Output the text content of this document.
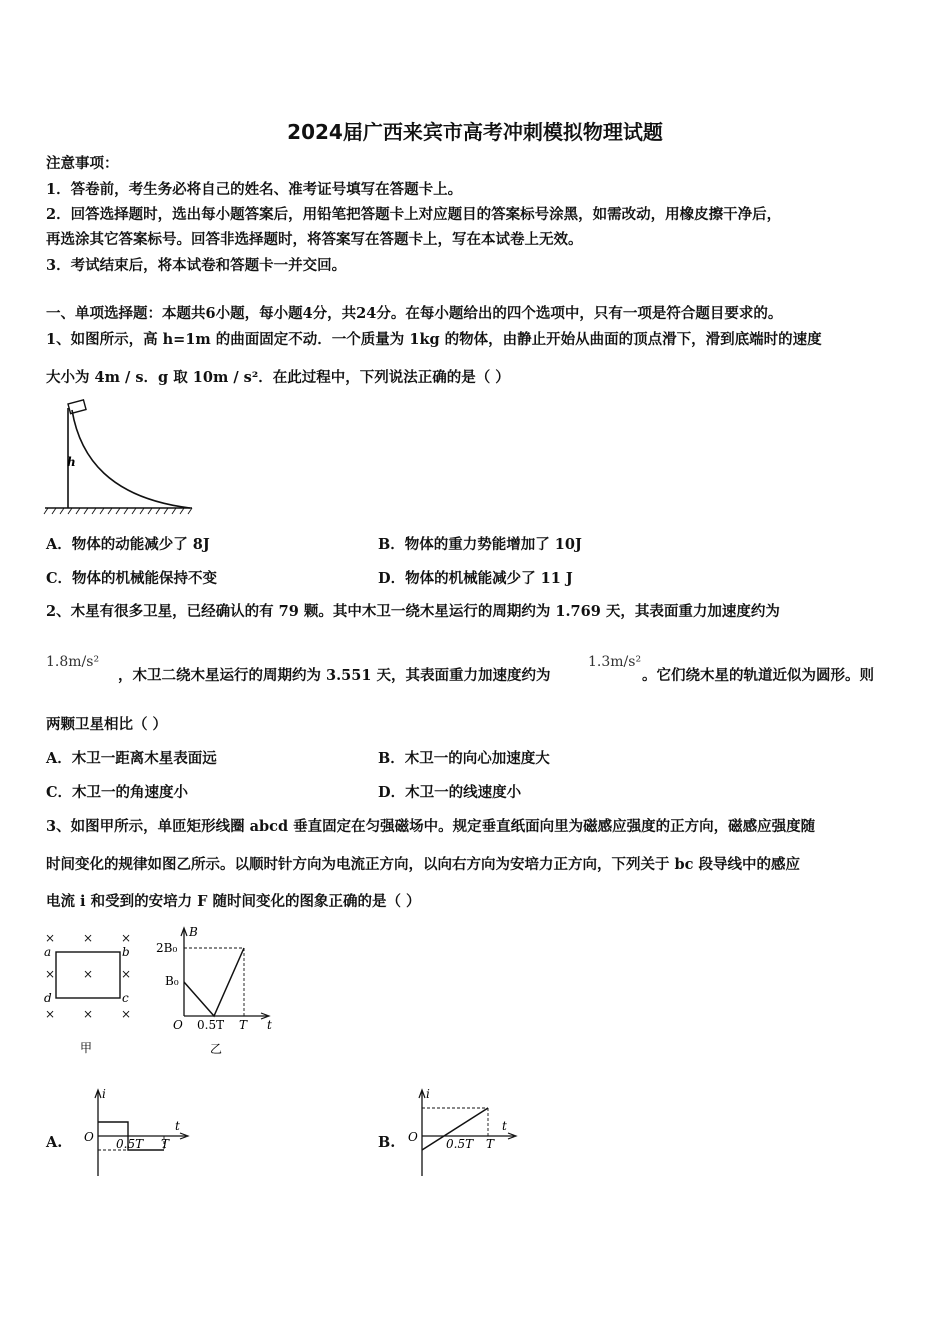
2024届广西来宾市高考冲刺模拟物理试题
注意事项：
1．答卷前，考生务必将自己的姓名、准考证号填写在答题卡上。
2．回答选择题时，选出每小题答案后，用铅笔把答题卡上对应题目的答案标号涂黑，如需改动，用橡皮擦干净后，
再选涂其它答案标号。回答非选择题时，将答案写在答题卡上，写在本试卷上无效。
3．考试结束后，将本试卷和答题卡一并交回。
一、单项选择题：本题共6小题，每小题4分，共24分。在每小题给出的四个选项中，只有一项是符合题目要求的。
1、如图所示，高 h=1m 的曲面固定不动．一个质量为 1kg 的物体，由静止开始从曲面的顶点滑下，滑到底端时的速度
大小为 4m / s．g 取 10m / s²．在此过程中，下列说法正确的是（ ）
h
A．物体的动能减少了 8J	B．物体的重力势能增加了 10J
C．物体的机械能保持不变	D．物体的机械能减少了 11 J
2、木星有很多卫星，已经确认的有 79 颗。其中木卫一绕木星运行的周期约为 1.769 天，其表面重力加速度约为
1.8m/s²
，木卫二绕木星运行的周期约为 3.551 天，其表面重力加速度约为
1.3m/s²
。它们绕木星的轨道近似为圆形。则
两颗卫星相比（ ）
A．木卫一距离木星表面远	B．木卫一的向心加速度大
C．木卫一的角速度小	D．木卫一的线速度小
3、如图甲所示，单匝矩形线圈 abcd 垂直固定在匀强磁场中。规定垂直纸面向里为磁感应强度的正方向，磁感应强度随
时间变化的规律如图乙所示。以顺时针方向为电流正方向，以向右方向为安培力正方向，下列关于 bc 段导线中的感应
电流 i 和受到的安培力 F 随时间变化的图象正确的是（ ）
× × ×
×
×	×
× × ×
a	b
c
d
甲
B
2B₀
B₀
O 0.5T T t
乙
A.
i
O
t
0.5T T	B.
i
O
t
0.5T T
